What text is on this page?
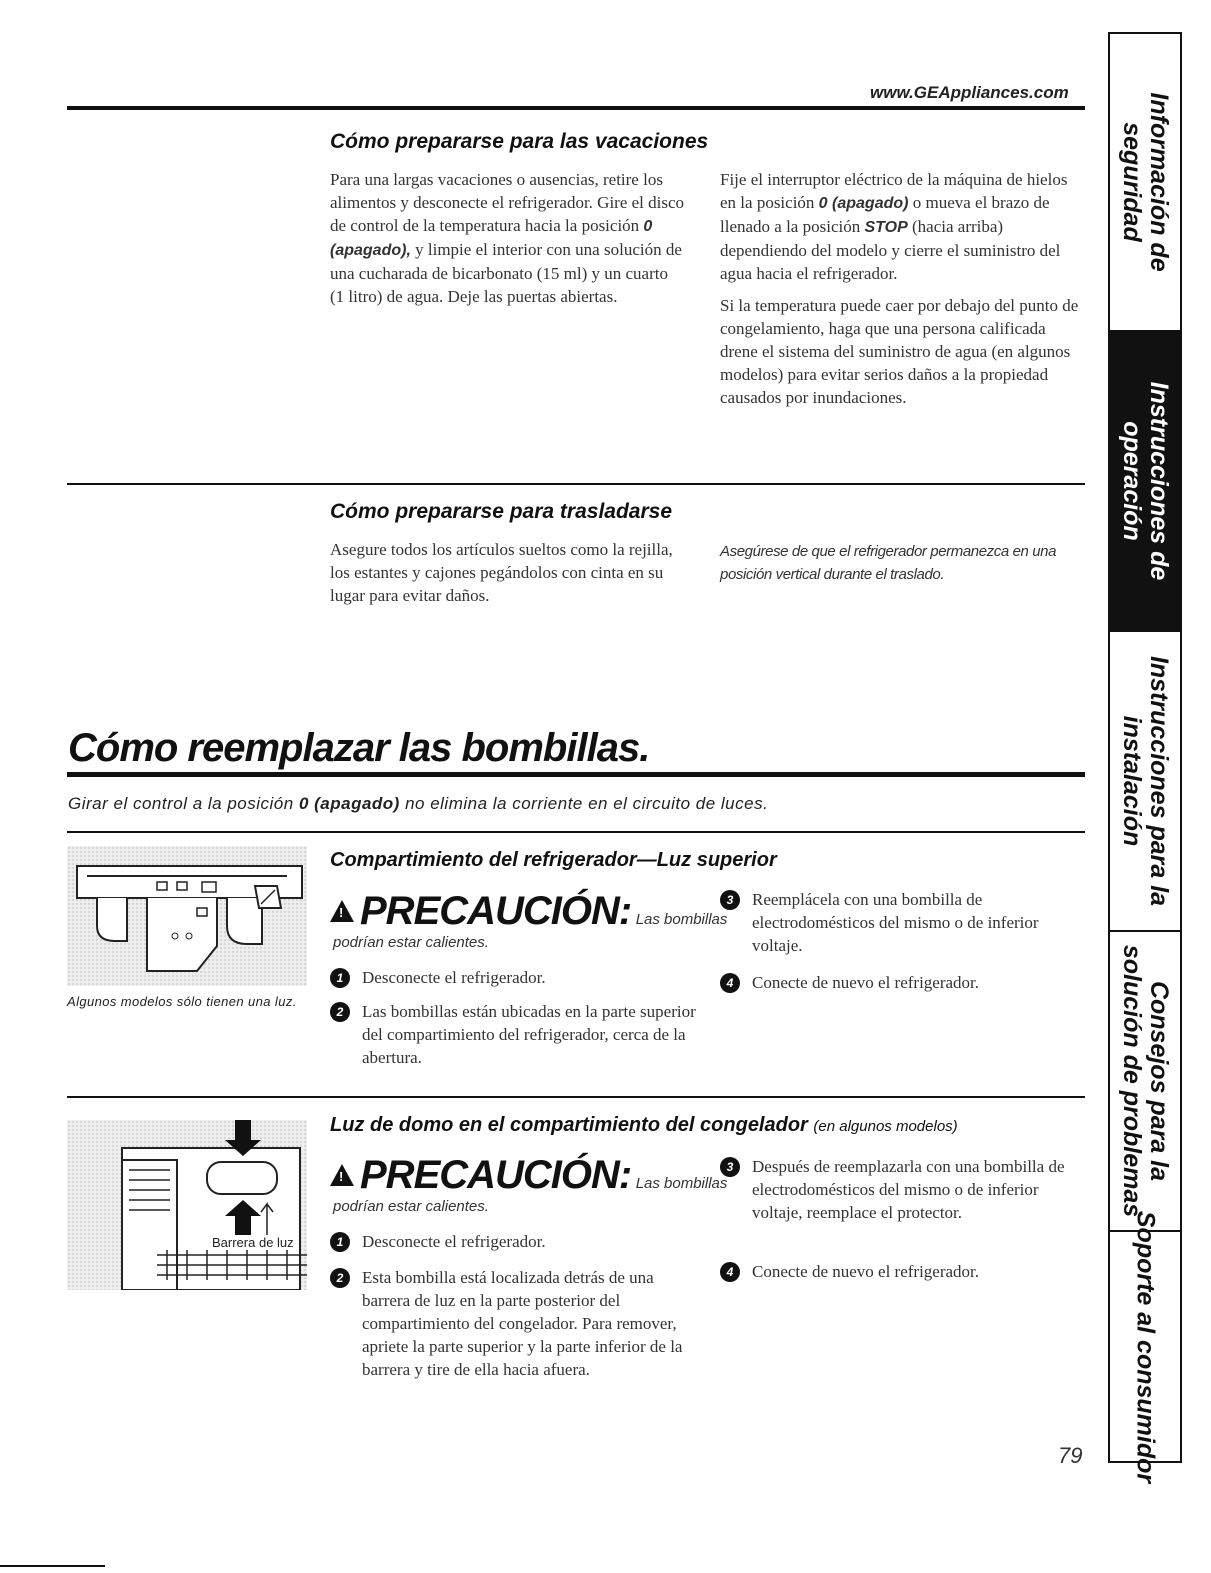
www.GEAppliances.com
Cómo prepararse para las vacaciones
Para una largas vacaciones o ausencias, retire los alimentos y desconecte el refrigerador. Gire el disco de control de la temperatura hacia la posición 0 (apagado), y limpie el interior con una solución de una cucharada de bicarbonato (15 ml) y un cuarto (1 litro) de agua. Deje las puertas abiertas.

Fije el interruptor eléctrico de la máquina de hielos en la posición 0 (apagado) o mueva el brazo de llenado a la posición STOP (hacia arriba) dependiendo del modelo y cierre el suministro del agua hacia el refrigerador.

Si la temperatura puede caer por debajo del punto de congelamiento, haga que una persona calificada drene el sistema del suministro de agua (en algunos modelos) para evitar serios daños a la propiedad causados por inundaciones.

Cómo prepararse para trasladarse
Asegure todos los artículos sueltos como la rejilla, los estantes y cajones pegándolos con cinta en su lugar para evitar daños.
Asegúrese de que el refrigerador permanezca en una posición vertical durante el traslado.
Cómo reemplazar las bombillas.
Girar el control a la posición 0 (apagado) no elimina la corriente en el circuito de luces.
Algunos modelos sólo tienen una luz.
Compartimiento del refrigerador—Luz superior
!PRECAUCIÓN: Las bombillas
podrían estar calientes.
1	Desconecte el refrigerador.
2	Las bombillas están ubicadas en la parte superior del compartimiento del refrigerador, cerca de la abertura.
3	Reemplácela con una bombilla de electrodomésticos del mismo o de inferior voltaje.
4	Conecte de nuevo el refrigerador.
Barrera de luz
Luz de domo en el compartimiento del congelador (en algunos modelos)
!PRECAUCIÓN: Las bombillas
podrían estar calientes.
1	Desconecte el refrigerador.
2	Esta bombilla está localizada detrás de una barrera de luz en la parte posterior del compartimiento del congelador. Para remover, apriete la parte superior y la parte inferior de la barrera y tire de ella hacia afuera.
3	Después de reemplazarla con una bombilla de electrodomésticos del mismo o de inferior voltaje, reemplace el protector.
4	Conecte de nuevo el refrigerador.
79
Información de
seguridad
Instrucciones de
operación
Instrucciones para la
instalación
Consejos para la
solución de problemas
Soporte al consumidor
